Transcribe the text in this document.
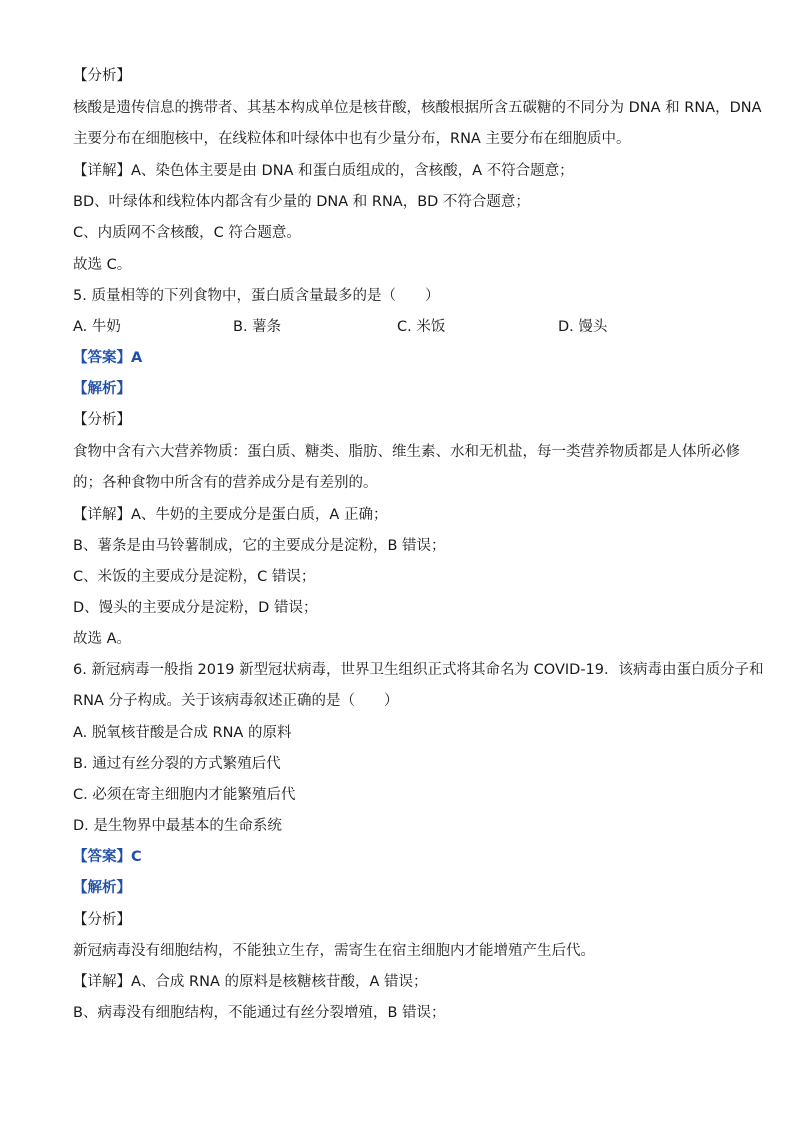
【分析】
核酸是遗传信息的携带者、其基本构成单位是核苷酸，核酸根据所含五碳糖的不同分为 DNA 和 RNA，DNA
主要分布在细胞核中，在线粒体和叶绿体中也有少量分布，RNA 主要分布在细胞质中。
【详解】A、染色体主要是由 DNA 和蛋白质组成的，含核酸，A 不符合题意；
BD、叶绿体和线粒体内都含有少量的 DNA 和 RNA，BD 不符合题意；
C、内质网不含核酸，C 符合题意。
故选 C。
5. 质量相等的下列食物中，蛋白质含量最多的是（　　）
A. 牛奶	B. 薯条	C. 米饭	D. 馒头
【答案】A
【解析】
【分析】
食物中含有六大营养物质：蛋白质、糖类、脂肪、维生素、水和无机盐，每一类营养物质都是人体所必修
的；各种食物中所含有的营养成分是有差别的。
【详解】A、牛奶的主要成分是蛋白质，A 正确；
B、薯条是由马铃薯制成，它的主要成分是淀粉，B 错误；
C、米饭的主要成分是淀粉，C 错误；
D、馒头的主要成分是淀粉，D 错误；
故选 A。
6. 新冠病毒一般指 2019 新型冠状病毒，世界卫生组织正式将其命名为 COVID-19．该病毒由蛋白质分子和
RNA 分子构成。关于该病毒叙述正确的是（　　）
A. 脱氧核苷酸是合成 RNA 的原料
B. 通过有丝分裂的方式繁殖后代
C. 必须在寄主细胞内才能繁殖后代
D. 是生物界中最基本的生命系统
【答案】C
【解析】
【分析】
新冠病毒没有细胞结构，不能独立生存，需寄生在宿主细胞内才能增殖产生后代。
【详解】A、合成 RNA 的原料是核糖核苷酸，A 错误；
B、病毒没有细胞结构，不能通过有丝分裂增殖，B 错误；
